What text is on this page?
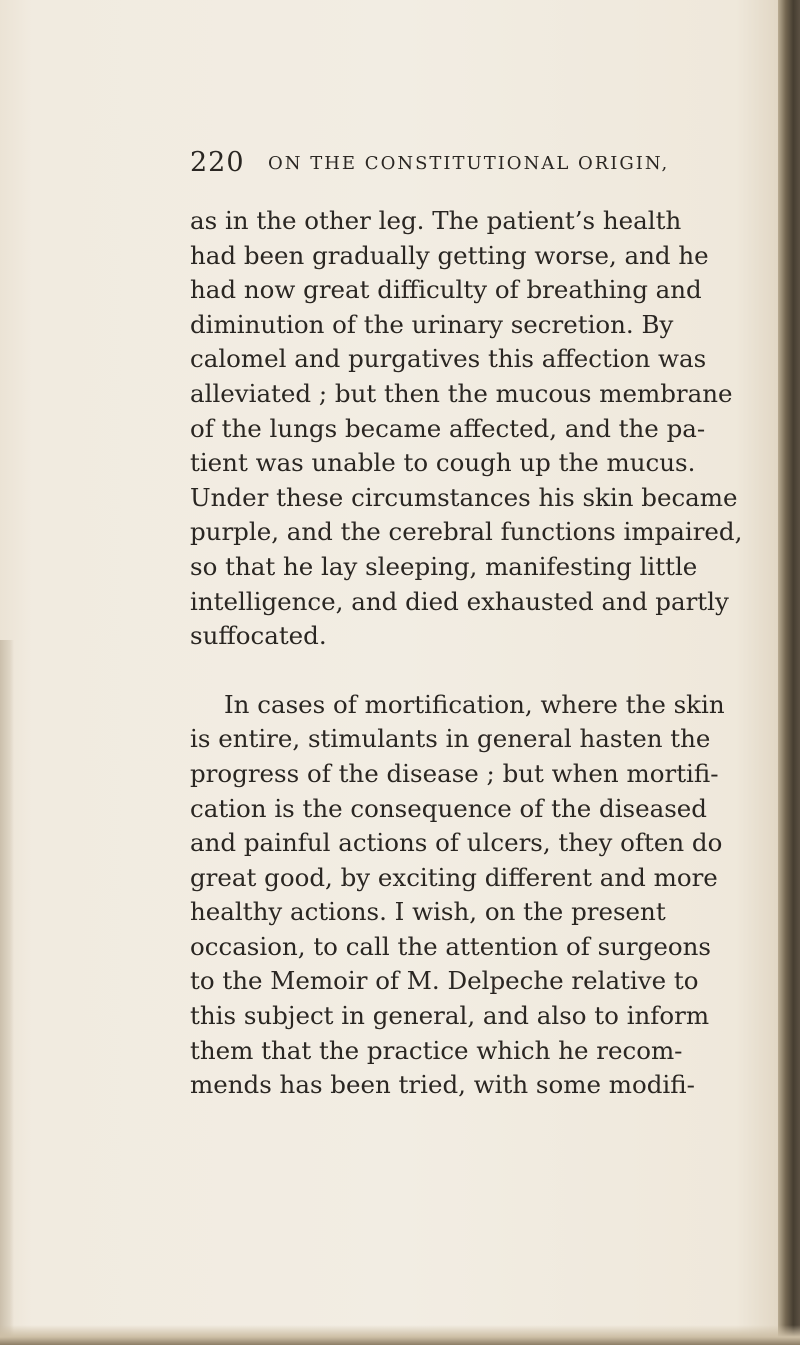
220 ON THE CONSTITUTIONAL ORIGIN,
as in the other leg. The patient’s health
had been gradually getting worse, and he
had now great difficulty of breathing and
diminution of the urinary secretion. By
calomel and purgatives this affection was
alleviated ; but then the mucous membrane
of the lungs became affected, and the pa-
tient was unable to cough up the mucus.
Under these circumstances his skin became
purple, and the cerebral functions impaired,
so that he lay sleeping, manifesting little
intelligence, and died exhausted and partly
suffocated.
In cases of mortification, where the skin
is entire, stimulants in general hasten the
progress of the disease ; but when mortifi-
cation is the consequence of the diseased
and painful actions of ulcers, they often do
great good, by exciting different and more
healthy actions. I wish, on the present
occasion, to call the attention of surgeons
to the Memoir of M. Delpeche relative to
this subject in general, and also to inform
them that the practice which he recom-
mends has been tried, with some modifi-
